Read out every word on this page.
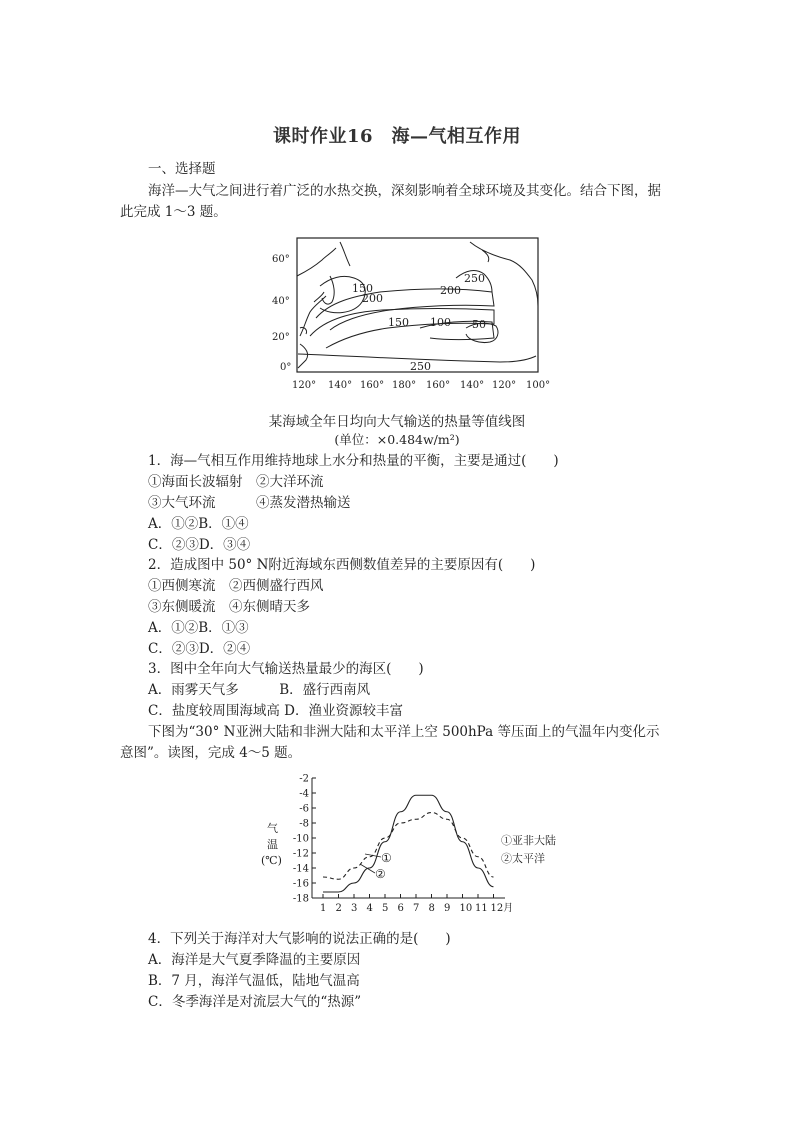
课时作业16　海—气相互作用
一、选择题
海洋—大气之间进行着广泛的水热交换，深刻影响着全球环境及其变化。结合下图，据
此完成 1～3 题。
60°
40°
20°
0°
120° 140° 160° 180° 160° 140° 120° 100°
150
200
250
200
150 100 50
250
某海域全年日均向大气输送的热量等值线图
(单位：×0.484w/m²)
1．海—气相互作用维持地球上水分和热量的平衡，主要是通过(　　)
①海面长波辐射　②大洋环流
③大气环流　　　④蒸发潜热输送
A．①②B．①④
C．②③D．③④
2．造成图中 50° N附近海域东西侧数值差异的主要原因有(　　)
①西侧寒流　②西侧盛行西风
③东侧暖流　④东侧晴天多
A．①②B．①③
C．②③D．②④
3．图中全年向大气输送热量最少的海区(　　)
A．雨雾天气多　　　B．盛行西南风
C．盐度较周围海域高 D．渔业资源较丰富
下图为“30° N亚洲大陆和非洲大陆和太平洋上空 500hPa 等压面上的气温年内变化示
意图”。读图，完成 4～5 题。
气
温
(℃)
-2
-4
-6
-8
-10
-12
-14
-16
-18
1 2 3 4 5 6 7 8 9 10 11 12月
①
②
①亚非大陆
②太平洋
4．下列关于海洋对大气影响的说法正确的是(　　)
A．海洋是大气夏季降温的主要原因
B．7 月，海洋气温低，陆地气温高
C．冬季海洋是对流层大气的“热源”
